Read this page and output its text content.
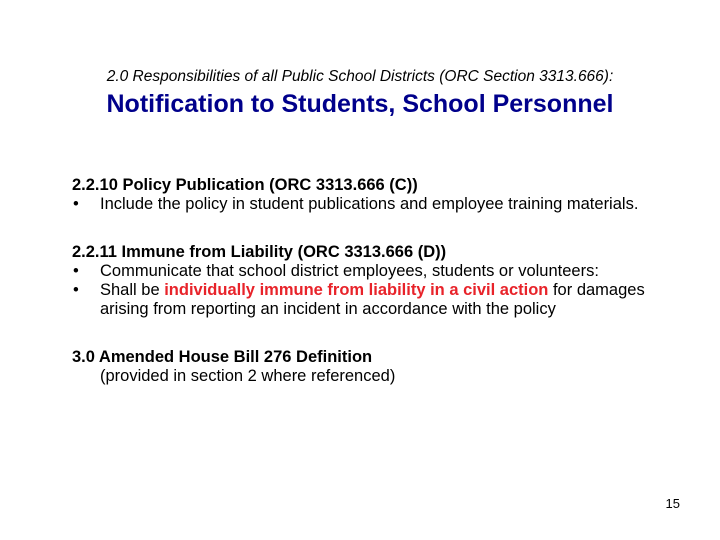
2.0 Responsibilities of all Public School Districts (ORC Section 3313.666):
Notification to Students, School Personnel
2.2.10 Policy Publication (ORC 3313.666 (C))
•	Include the policy in student publications and employee training materials.
2.2.11 Immune from Liability (ORC 3313.666 (D))
•	Communicate that school district employees, students or volunteers:
•	Shall be individually immune from liability in a civil action for damages arising from reporting an incident in accordance with the policy
3.0 Amended House Bill 276 Definition
(provided in section 2 where referenced)
15
